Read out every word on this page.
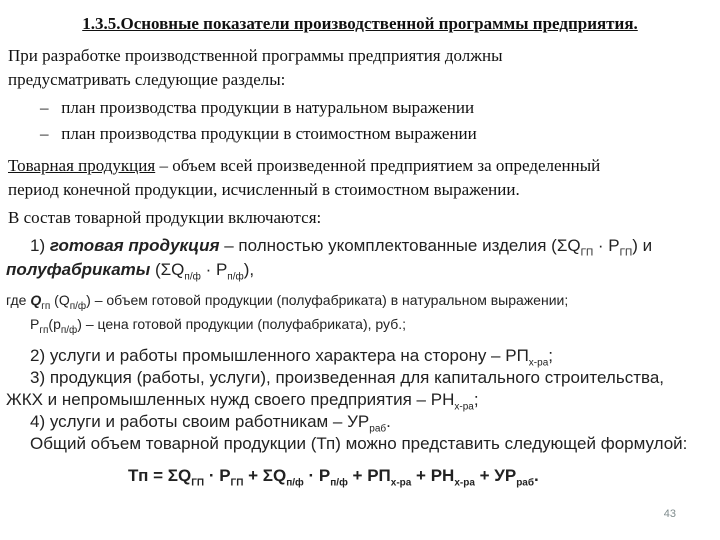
1.3.5.Основные показатели производственной программы предприятия.
При разработке производственной программы предприятия должны
предусматривать следующие разделы:
– план производства продукции в натуральном выражении
– план производства продукции в стоимостном выражении
Товарная продукция – объем всей произведенной предприятием за определенный
период конечной продукции, исчисленный в стоимостном выражении.
В состав товарной продукции включаются:
1) готовая продукция – полностью укомплектованные изделия $(\Sigma Q_{ГП} \cdot Р_{ГП})$ и
полуфабрикаты $(\Sigma Q_{п/ф} \cdot Р_{п/ф})$,
где $Q_{гп}$ $(Q_{п/ф})$ – объем готовой продукции (полуфабриката) в натуральном выражении;
$Р_{гп}(р_{п/ф})$ – цена готовой продукции (полуфабриката), руб.;
2) услуги и работы промышленного характера на сторону – $РП_{х-ра}$;
3) продукция (работы, услуги), произведенная для капитального строительства,
ЖКХ и непромышленных нужд своего предприятия – $РН_{х-ра}$;
4) услуги и работы своим работникам – $УР_{раб}$.
Общий объем товарной продукции (Тп) можно представить следующей формулой:
Тп = $\Sigma Q_{ГП} \cdot Р_{ГП} + \Sigma Q_{п/ф} \cdot Р_{п/ф} + РП_{х-ра} + РН_{х-ра} + УР_{раб}$.
43
